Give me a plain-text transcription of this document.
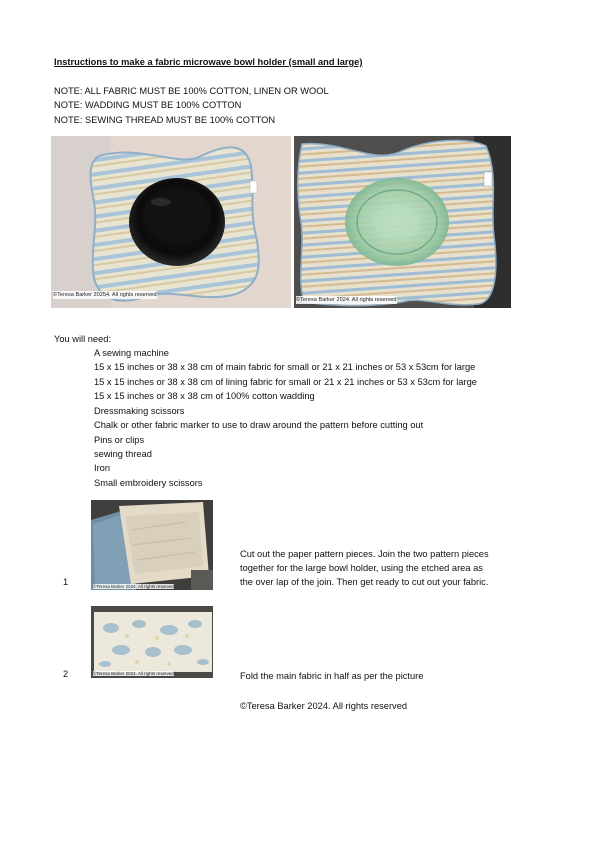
Instructions to make a fabric microwave bowl holder (small and large)
NOTE: ALL FABRIC MUST BE 100% COTTON, LINEN OR WOOL
NOTE: WADDING MUST BE 100% COTTON
NOTE: SEWING THREAD MUST BE 100% COTTON
©Teresa Barker 20254. All rights reserved
©Teresa Barker 2024. All rights reserved
You will need:
A sewing machine
15 x 15 inches or 38 x 38 cm of main fabric for small or 21 x 21 inches or 53 x 53cm for large
15 x 15 inches or 38 x 38 cm of lining fabric for small or 21 x 21 inches or 53 x 53cm for large
15 x 15 inches or 38 x 38 cm of 100% cotton wadding
Dressmaking scissors
Chalk or other fabric marker to use to draw around the pattern before cutting out
Pins or clips
sewing thread
Iron
Small embroidery scissors
©Teresa Barker 2024. All rights reserved
Cut out the paper pattern pieces. Join the two pattern pieces
together for the large bowl holder, using the etched area as
the over lap of the join. Then get ready to cut out your fabric.
1
©Teresa Barker 2024. All rights reserved	Fold the main fabric in half as per the picture
2
©Teresa Barker 2024. All rights reserved
